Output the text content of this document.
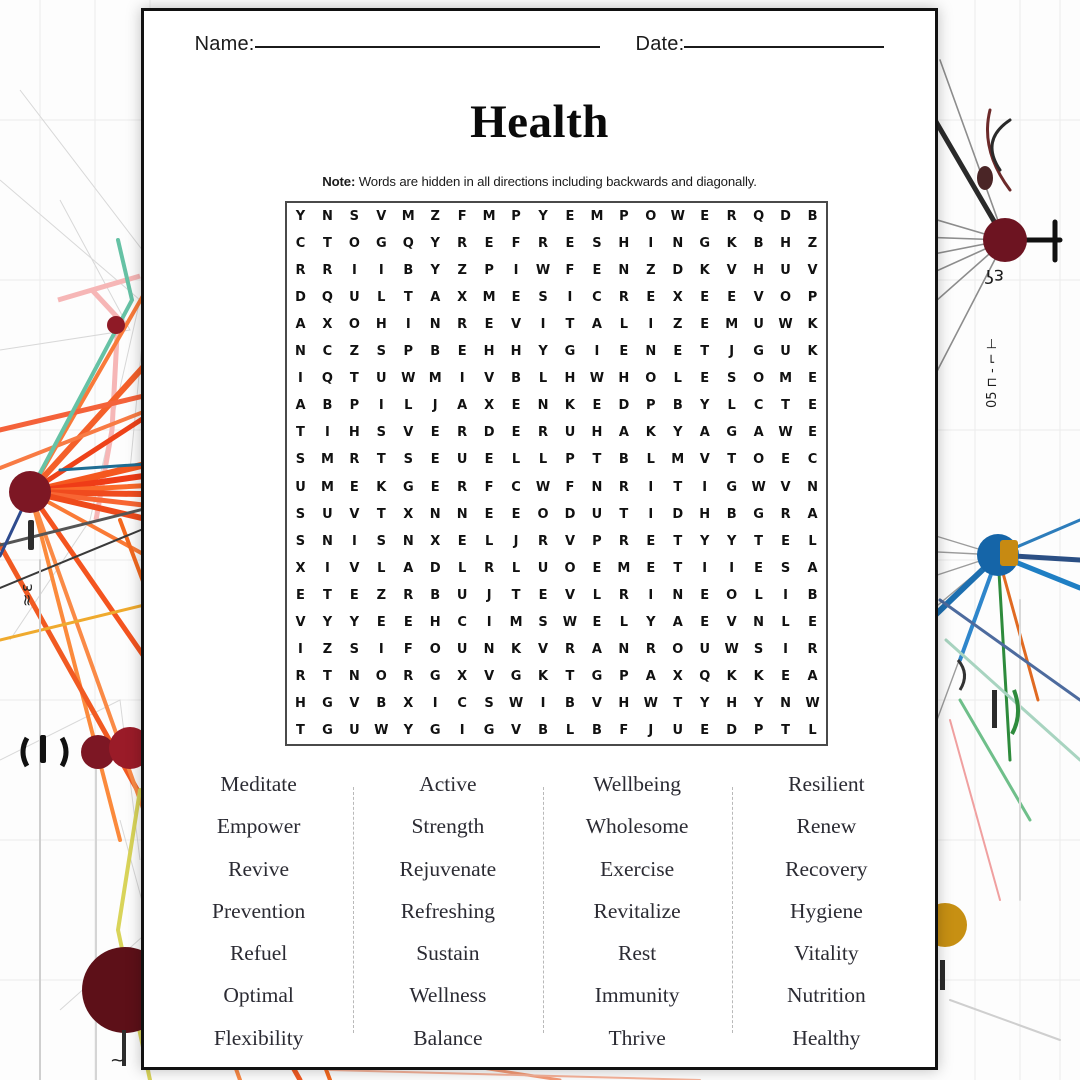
≈ ɛ
~
ɛʕ
05 ⊓ - ⌐ ⊢
Name:	Date:
Health
Note: Words are hidden in all directions including backwards and diagonally.
Y N S V M Z F M P Y E M P O W E R Q D B
C T O G Q Y R E F R E S H I N G K B H Z
R R I I B Y Z P I W F E N Z D K V H U V
D Q U L T A X M E S I C R E X E E V O P
A X O H I N R E V I T A L I Z E M U W K
N C Z S P B E H H Y G I E N E T J G U K
I Q T U W M I V B L H W H O L E S O M E
A B P I L J A X E N K E D P B Y L C T E
T I H S V E R D E R U H A K Y A G A W E
S M R T S E U E L L P T B L M V T O E C
U M E K G E R F C W F N R I T I G W V N
S U V T X N N E E O D U T I D H B G R A
S N I S N X E L J R V P R E T Y Y T E L
X I V L A D L R L U O E M E T I I E S A
E T E Z R B U J T E V L R I N E O L I B
V Y Y E E H C I M S W E L Y A E V N L E
I Z S I F O U N K V R A N R O U W S I R
R T N O R G X V G K T G P A X Q K K E A
H G V B X I C S W I B V H W T Y H Y N W
T G U W Y G I G V B L B F J U E D P T L
Meditate
Empower
Revive
Prevention
Refuel
Optimal
Flexibility
Active
Strength
Rejuvenate
Refreshing
Sustain
Wellness
Balance
Wellbeing
Wholesome
Exercise
Revitalize
Rest
Immunity
Thrive
Resilient
Renew
Recovery
Hygiene
Vitality
Nutrition
Healthy
